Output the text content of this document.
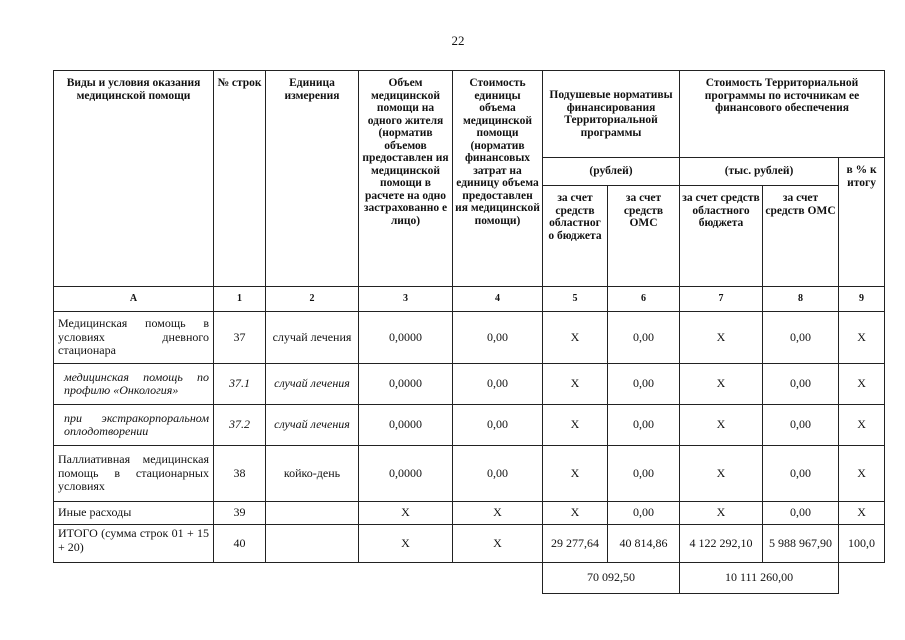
22
Виды и условия оказания медицинской помощи	№ строк	Единица измерения	Объем медицинской помощи на одного жителя (норматив объемов предоставлен ия медицинской помощи в расчете на одно застрахованно е лицо)	Стоимость единицы объема медицинской помощи (норматив финансовых затрат на единицу объема предоставлен ия медицинской помощи)	Подушевые нормативы финансирования Территориальной программы		Стоимость Территориальной программы по источникам ее финансового обеспечения		
					(рублей)		(тыс. рублей)		в % к итогу
					за счет средств областног о бюджета	за счет средств ОМС	за счет средств областного бюджета	за счет средств ОМС	
А	1	2	3	4	5	6	7	8	9
Медицинская помощь в условиях дневного стационара	37	случай лечения	0,0000	0,00	Х	0,00	Х	0,00	Х
медицинская помощь по профилю «Онкология»	37.1	случай лечения	0,0000	0,00	Х	0,00	Х	0,00	Х
при экстракорпоральном оплодотворении	37.2	случай лечения	0,0000	0,00	Х	0,00	Х	0,00	Х
Паллиативная медицинская помощь в стационарных условиях	38	койко-день	0,0000	0,00	Х	0,00	Х	0,00	Х
Иные расходы	39		Х	Х	Х	0,00	Х	0,00	Х
ИТОГО (сумма строк 01 + 15 + 20)	40		Х	Х	29 277,64	40 814,86	4 122 292,10	5 988 967,90	100,0
					70 092,50		10 111 260,00		
